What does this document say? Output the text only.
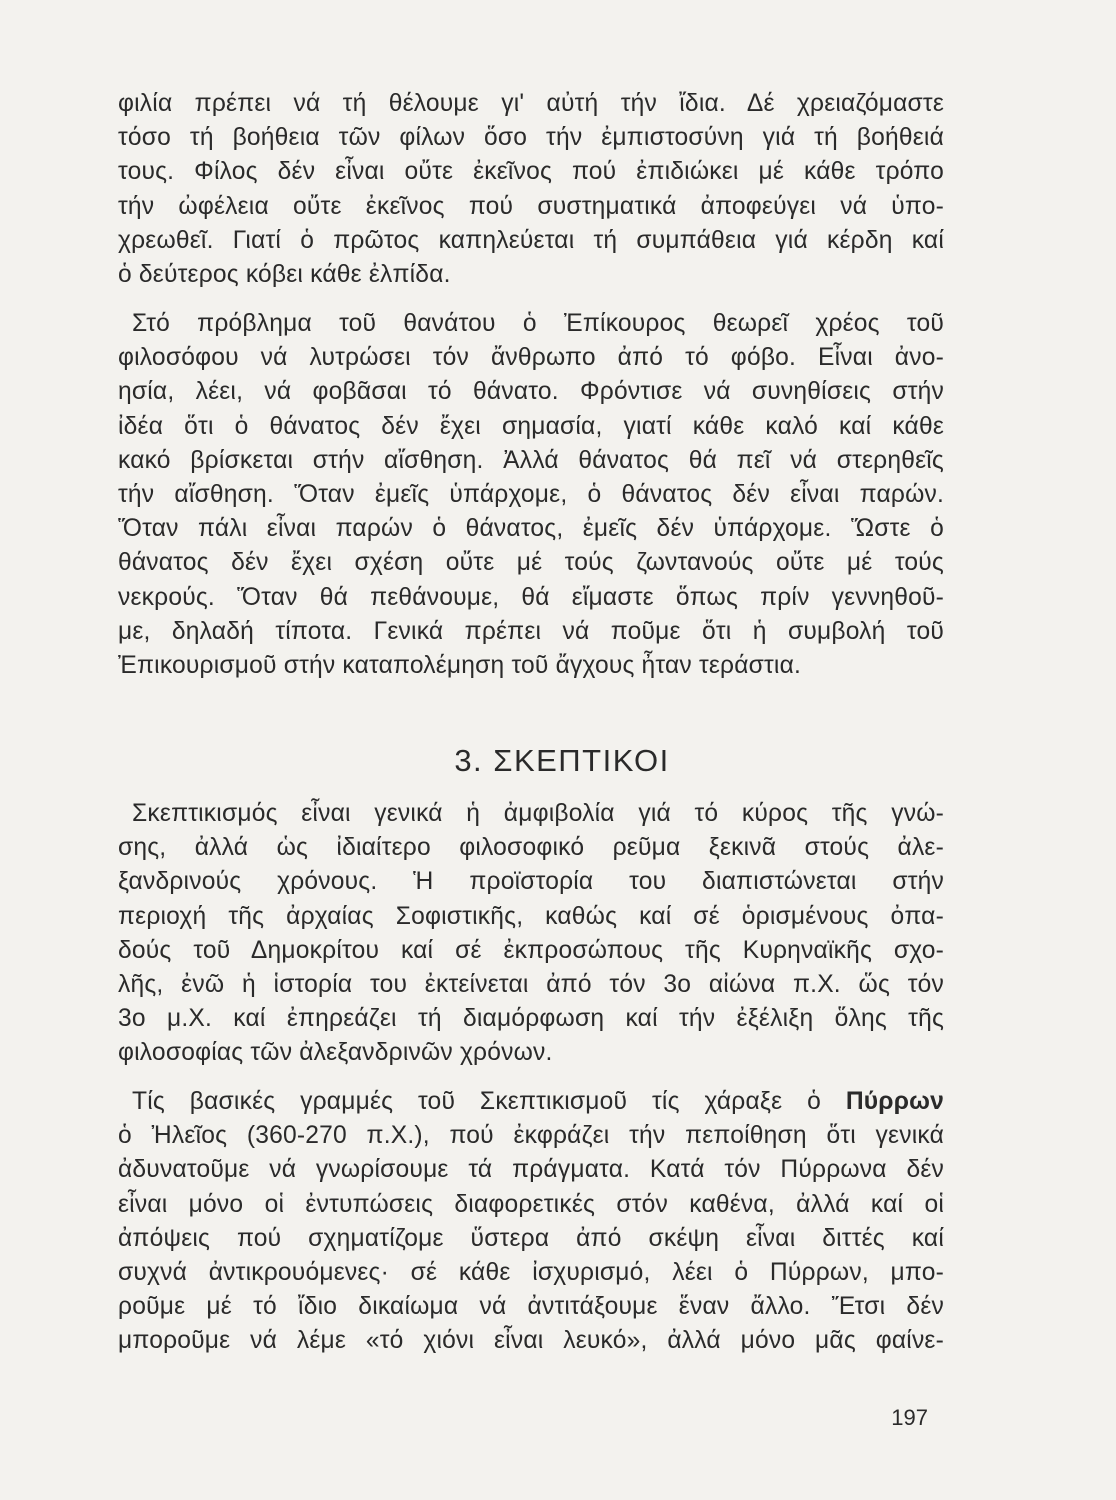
φιλία πρέπει νά τή θέλουμε γι' αὐτή τήν ἴδια. Δέ χρειαζόμαστε
τόσο τή βοήθεια τῶν φίλων ὅσο τήν ἐμπιστοσύνη γιά τή βοήθειά
τους. Φίλος δέν εἶναι οὔτε ἐκεῖνος πού ἐπιδιώκει μέ κάθε τρόπο
τήν ὠφέλεια οὔτε ἐκεῖνος πού συστηματικά ἀποφεύγει νά ὑπο-
χρεωθεῖ. Γιατί ὁ πρῶτος καπηλεύεται τή συμπάθεια γιά κέρδη καί
ὁ δεύτερος κόβει κάθε ἐλπίδα.
Στό πρόβλημα τοῦ θανάτου ὁ Ἐπίκουρος θεωρεῖ χρέος τοῦ
φιλοσόφου νά λυτρώσει τόν ἄνθρωπο ἀπό τό φόβο. Εἶναι ἀνο-
ησία, λέει, νά φοβᾶσαι τό θάνατο. Φρόντισε νά συνηθίσεις στήν
ἰδέα ὅτι ὁ θάνατος δέν ἔχει σημασία, γιατί κάθε καλό καί κάθε
κακό βρίσκεται στήν αἴσθηση. Ἀλλά θάνατος θά πεῖ νά στερηθεῖς
τήν αἴσθηση. Ὅταν ἐμεῖς ὑπάρχομε, ὁ θάνατος δέν εἶναι παρών.
Ὅταν πάλι εἶναι παρών ὁ θάνατος, ἐμεῖς δέν ὑπάρχομε. Ὥστε ὁ
θάνατος δέν ἔχει σχέση οὔτε μέ τούς ζωντανούς οὔτε μέ τούς
νεκρούς. Ὅταν θά πεθάνουμε, θά εἴμαστε ὅπως πρίν γεννηθοῦ-
με, δηλαδή τίποτα. Γενικά πρέπει νά ποῦμε ὅτι ἡ συμβολή τοῦ
Ἐπικουρισμοῦ στήν καταπολέμηση τοῦ ἄγχους ἦταν τεράστια.
3. ΣΚΕΠΤΙΚΟΙ
Σκεπτικισμός εἶναι γενικά ἡ ἀμφιβολία γιά τό κύρος τῆς γνώ-
σης, ἀλλά ὡς ἰδιαίτερο φιλοσοφικό ρεῦμα ξεκινᾶ στούς ἀλε-
ξανδρινούς χρόνους. Ἡ προϊστορία του διαπιστώνεται στήν
περιοχή τῆς ἀρχαίας Σοφιστικῆς, καθώς καί σέ ὁρισμένους ὀπα-
δούς τοῦ Δημοκρίτου καί σέ ἐκπροσώπους τῆς Κυρηναϊκῆς σχο-
λῆς, ἐνῶ ἡ ἱστορία του ἐκτείνεται ἀπό τόν 3ο αἰώνα π.Χ. ὥς τόν
3ο μ.Χ. καί ἐπηρεάζει τή διαμόρφωση καί τήν ἐξέλιξη ὅλης τῆς
φιλοσοφίας τῶν ἀλεξανδρινῶν χρόνων.
Τίς βασικές γραμμές τοῦ Σκεπτικισμοῦ τίς χάραξε ὁ Πύρρων
ὁ Ἠλεῖος (360-270 π.Χ.), πού ἐκφράζει τήν πεποίθηση ὅτι γενικά
ἀδυνατοῦμε νά γνωρίσουμε τά πράγματα. Κατά τόν Πύρρωνα δέν
εἶναι μόνο οἱ ἐντυπώσεις διαφορετικές στόν καθένα, ἀλλά καί οἱ
ἀπόψεις πού σχηματίζομε ὕστερα ἀπό σκέψη εἶναι διττές καί
συχνά ἀντικρουόμενες· σέ κάθε ἰσχυρισμό, λέει ὁ Πύρρων, μπο-
ροῦμε μέ τό ἴδιο δικαίωμα νά ἀντιτάξουμε ἕναν ἄλλο. Ἔτσι δέν
μποροῦμε νά λέμε «τό χιόνι εἶναι λευκό», ἀλλά μόνο μᾶς φαίνε-
197
